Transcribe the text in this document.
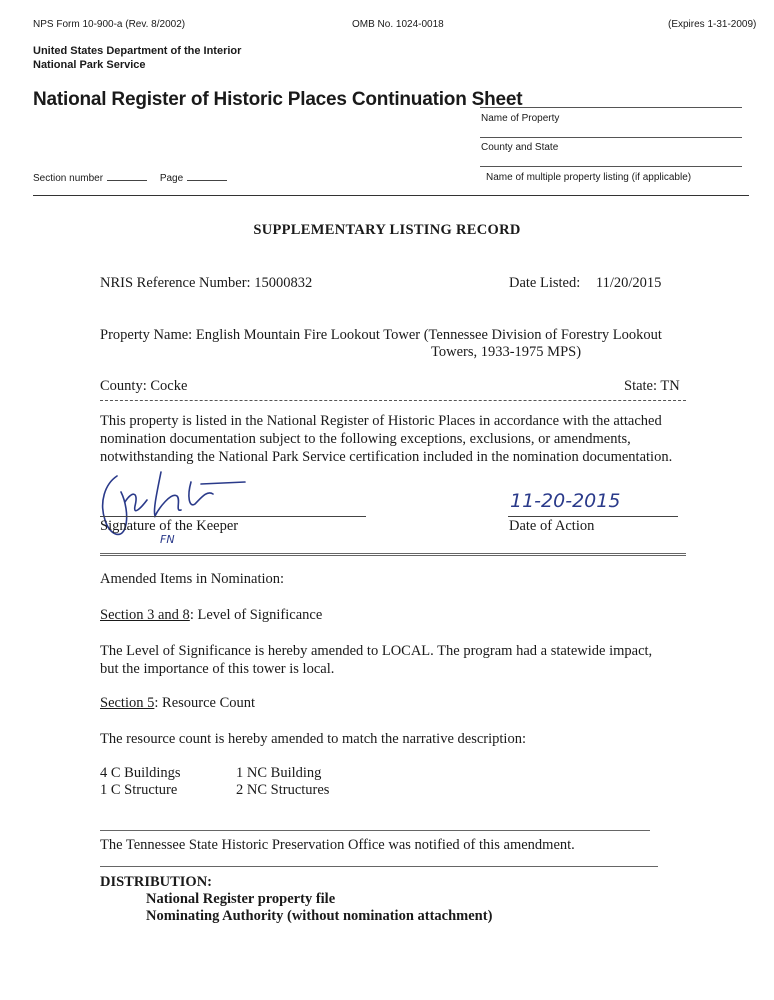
NPS Form 10-900-a (Rev. 8/2002)	OMB No. 1024-0018	(Expires 1-31-2009)
United States Department of the Interior
National Park Service
National Register of Historic Places Continuation Sheet
Name of Property
County and State
Name of multiple property listing (if applicable)
Section number	Page
SUPPLEMENTARY LISTING RECORD
NRIS Reference Number: 15000832	Date Listed: 11/20/2015
Property Name: English Mountain Fire Lookout Tower (Tennessee Division of Forestry Lookout
Towers, 1933-1975 MPS)
County: Cocke	State: TN
This property is listed in the National Register of Historic Places in accordance with the attached
nomination documentation subject to the following exceptions, exclusions, or amendments,
notwithstanding the National Park Service certification included in the nomination documentation.
FN
Signature of the Keeper
11-20-2015
Date of Action
Amended Items in Nomination:
Section 3 and 8: Level of Significance
The Level of Significance is hereby amended to LOCAL. The program had a statewide impact,
but the importance of this tower is local.
Section 5: Resource Count
The resource count is hereby amended to match the narrative description:
4 C Buildings	1 NC Building
1 C Structure	2 NC Structures
The Tennessee State Historic Preservation Office was notified of this amendment.
DISTRIBUTION:
National Register property file
Nominating Authority (without nomination attachment)
